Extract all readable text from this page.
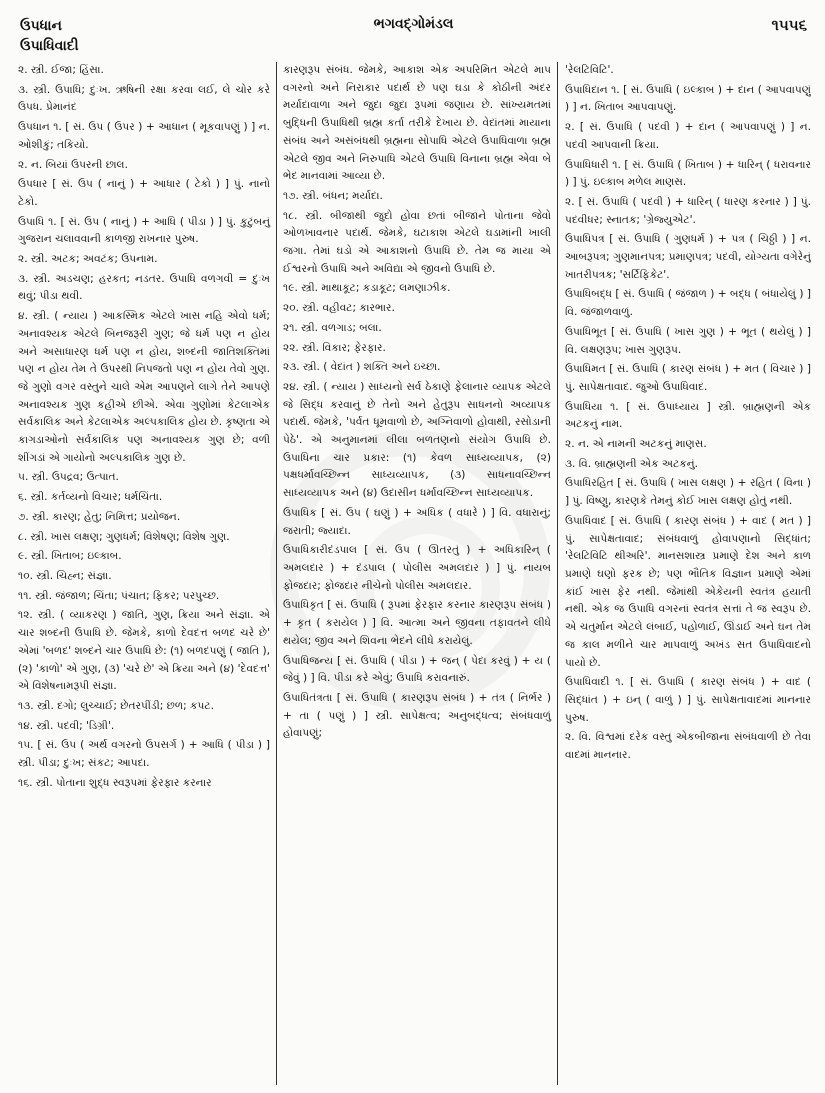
ઉપધાન
ઉપાધિવાદી
ભગવદ્ગોમંડલ	૧૫૫૬

૨. સ્ત્રી. ઈજા; હિંસા.

૩. સ્ત્રી. ઉપાધિ; દુઃખ. ઋષિની રક્ષા કરવા લઈ, લે ચોર કરે ઉપધ. પ્રેમાનંદ

ઉપધાન ૧. [ સં. ઉપ ( ઉપર ) + આધાન ( મૂકવાપણું ) ] ન. ઓશીકું; તકિયો.

૨. ન. બિયાં ઉપરની છાલ.

ઉપધાર [ સં. ઉપ ( નાનું ) + આધાર ( ટેકો ) ] પું. નાનો ટેકો.

ઉપાધિ ૧. [ સં. ઉપ ( નાનું ) + આધિ ( પીડા ) ] પું. કુટુંબનું ગુજરાન ચલાવવાની કાળજી રાખનાર પુરુષ.

૨. સ્ત્રી. અટક; અવટંક; ઉપનામ.

૩. સ્ત્રી. અડચણ; હરકત; નડતર. ઉપાધિ વળગવી = દુઃખ થવું; પીડા થવી.

૪. સ્ત્રી. ( ન્યાય ) આકસ્મિક એટલે ખાસ નહિ એવો ધર્મ; અનાવશ્યક એટલે બિનજરૂરી ગુણ; જે ધર્મ પણ ન હોય અને અસાધારણ ધર્મ પણ ન હોય, શબ્દની જાતિશક્તિમાં પણ ન હોય તેમ તે ઉપરથી નિપજતો પણ ન હોય તેવો ગુણ. જે ગુણો વગર વસ્તુને ચાલે એમ આપણને લાગે તેને આપણે અનાવશ્યક ગુણ કહીએ છીએ. એવા ગુણોમાં કેટલાએક સર્વકાલિક અને કેટલાએક અલ્પકાલિક હોય છે. કૃષ્ણતા એ કાગડાઓનો સર્વકાલિક પણ અનાવશ્યક ગુણ છે; વળી શીંગડાં એ ગાયોનો અલ્પકાલિક ગુણ છે.

૫. સ્ત્રી. ઉપદ્રવ; ઉત્પાત.

૬. સ્ત્રી. કર્તવ્યનો વિચાર; ધર્મચિંતા.

૭. સ્ત્રી. કારણ; હેતુ; નિમિત્ત; પ્રયોજન.

૮. સ્ત્રી. ખાસ લક્ષણ; ગુણધર્મ; વિશેષણ; વિશેષ ગુણ.

૯. સ્ત્રી. ખિતાબ; ઇલ્કાબ.

૧૦. સ્ત્રી. ચિહ્ન; સંજ્ઞા.

૧૧. સ્ત્રી. જંજાળ; ચિંતા; પંચાત; ફિકર; પરપુચ્છ.

૧૨. સ્ત્રી. ( વ્યાકરણ ) જાતિ, ગુણ, ક્રિયા અને સંજ્ઞા. એ ચાર શબ્દની ઉપાધિ છે. જેમકે, કાળો દેવદત્ત બળદ ચરે છે' એમાં 'બળદ' શબ્દને ચાર ઉપાધિ છે: (૧) બળદપણું ( જાતિ ), (૨) 'કાળો' એ ગુણ, (૩) 'ચરે છે' એ ક્રિયા અને (૪) 'દેવદત્ત' એ વિશેષનામરૂપી સંજ્ઞા.

૧૩. સ્ત્રી. દગો; લુચ્ચાઈ; છેતરપીંડી; છળ; કપટ.

૧૪. સ્ત્રી. પદવી; 'ડિગ્રી'.

૧૫. [ સં. ઉપ ( અર્થ વગરનો ઉપસર્ગ ) + આધિ ( પીડા ) ] સ્ત્રી. પીડા; દુઃખ; સંકટ; આપદા.

૧૬. સ્ત્રી. પોતાના શુદ્ધ સ્વરૂપમાં ફેરફાર કરનાર

કારણરૂપ સંબંધ. જેમકે, આકાશ એક અપરિમિત એટલે માપ વગરનો અને નિરાકાર પદાર્થ છે પણ ઘડા કે કોઠીની અંદર મર્યાદાવાળા અને જુદા જુદા રૂપમાં જણાય છે. સાંખ્યમતમાં બુદ્ધિની ઉપાધિથી બ્રહ્મ કર્તા તરીકે દેખાય છે. વેદાંતમાં માયાના સંબંધ અને અસંબંધથી બ્રહ્મના સોપાધિ એટલે ઉપાધિવાળા બ્રહ્મ એટલે જીવ અને નિરુપાધિ એટલે ઉપાધિ વિનાના બ્રહ્મ એવા બે ભેદ માનવામાં આવ્યા છે.

૧૭. સ્ત્રી. બંધન; મર્યાદા.

૧૮. સ્ત્રી. બીજાથી જુદો હોવા છતાં બીજાને પોતાના જેવો ઓળખાવનાર પદાર્થ. જેમકે, ઘટાકાશ એટલે ઘડામાંની ખાલી જગા. તેમાં ઘડો એ આકાશનો ઉપાધિ છે. તેમ જ માયા એ ઈશ્વરનો ઉપાધિ અને અવિદ્યા એ જીવનો ઉપાધિ છે.

૧૯. સ્ત્રી. માથાકૂટ; કડાકૂટ; લમણાઝીક.

૨૦. સ્ત્રી. વહીવટ; કારભાર.

૨૧. સ્ત્રી. વળગાડ; બલા.

૨૨. સ્ત્રી. વિકાર; ફેરફાર.

૨૩. સ્ત્રી. ( વેદાંત ) શક્તિ અને ઇચ્છા.

૨૪. સ્ત્રી. ( ન્યાય ) સાધ્યનો સર્વ ઠેકાણે ફેલાનાર વ્યાપક એટલે જે સિદ્ધ કરવાનું છે તેનો અને હેતુરૂપ સાધનનો અવ્યાપક પદાર્થ. જેમકે, 'પર્વત ધૂમવાળો છે, અગ્નિવાળો હોવાથી, રસોડાની પેઠે'. એ અનુમાનમાં લીલા બળતણનો સંયોગ ઉપાધિ છે. ઉપાધિના ચાર પ્રકાર: (૧) કેવળ સાધ્યવ્યાપક, (૨) પક્ષધર્માવચ્છિન્ન સાધ્યવ્યાપક, (૩) સાધનાવચ્છિન્ન સાધ્યવ્યાપક અને (૪) ઉદાસીન ધર્માવચ્છિન્ન સાધ્યવ્યાપક.

ઉપાધિક [ સં. ઉપ ( ઘણું ) + અધિક ( વધારે ) ] વિ. વધારાનું; જરાતી; જ્યાદા.

ઉપાધિકારીદંડપાલ [ સં. ઉપ ( ઊતરતું ) + અધિકારિન્ ( અમલદાર ) + દંડપાલ ( પોલીસ અમલદાર ) ] પું. નાયબ ફોજદાર; ફોજદાર નીચેનો પોલીસ અમલદાર.

ઉપાધિકૃત [ સં. ઉપાધિ ( રૂપમાં ફેરફાર કરનાર કારણરૂપ સંબંધ ) + કૃત ( કરાયેલ ) ] વિ. આત્મા અને જીવના તફાવતને લીધે થયેલ; જીવ અને શિવના ભેદને લીધે કરાયેલું.

ઉપાધિજન્ય [ સં. ઉપાધિ ( પીડા ) + જન્ ( પેદા કરવું ) + ય ( જેવું ) ] વિ. પીડા કરે એવું; ઉપાધિ કરાવનારું.

ઉપાધિતંત્રતા [ સં. ઉપાધિ ( કારણરૂપ સંબંધ ) + તંત્ર ( નિર્ભર ) + તા ( પણું ) ] સ્ત્રી. સાપેક્ષત્વ; અનુબદ્ધત્વ; સંબંધવાળું હોવાપણું;

'રેલટિવિટિ'.

ઉપાધિદાન ૧. [ સં. ઉપાધિ ( ઇલ્કાબ ) + દાન ( આપવાપણું ) ] ન. ખિતાબ આપવાપણું.

૨. [ સં. ઉપાધિ ( પદવી ) + દાન ( આપવાપણું ) ] ન. પદવી આપવાની ક્રિયા.

ઉપાધિધારી ૧. [ સં. ઉપાધિ ( ખિતાબ ) + ધારિન્ ( ધરાવનાર ) ] પું. ઇલ્કાબ મળેલ માણસ.

૨. [ સં. ઉપાધિ ( પદવી ) + ધારિન્ ( ધારણ કરનાર ) ] પું. પદવીધર; સ્નાતક; 'ગ્રેજ્યુએટ'.

ઉપાધિપત્ર [ સં. ઉપાધિ ( ગુણધર્મ ) + પત્ર ( ચિઠ્ઠી ) ] ન. આબરૂપત્ર; ગુણમાનપત્ર; પ્રમાણપત્ર; પદવી, યોગ્યતા વગેરેનું ખાતરીપત્રક; 'સર્ટિફિકેટ'.

ઉપાધિબદ્ધ [ સં. ઉપાધિ ( જંજાળ ) + બદ્ધ ( બંધાયેલું ) ] વિ. જંજાળવાળું.

ઉપાધિભૂત [ સં. ઉપાધિ ( ખાસ ગુણ ) + ભૂત ( થયેલું ) ] વિ. લક્ષણરૂપ; ખાસ ગુણરૂપ.

ઉપાધિમત [ સં. ઉપાધિ ( કારણ સંબંધ ) + મત ( વિચાર ) ] પું. સાપેક્ષતાવાદ. જુઓ ઉપાધિવાદ.

ઉપાધિયા ૧. [ સં. ઉપાધ્યાય ] સ્ત્રી. બ્રાહ્મણની એક અટકનું નામ.

૨. ન. એ નામની અટકનું માણસ.

૩. વિ. બ્રાહ્મણની એક અટકનું.

ઉપાધિરહિત [ સં. ઉપાધિ ( ખાસ લક્ષણ ) + રહિત ( વિના ) ] પું. વિષ્ણુ, કારણકે તેમનું કોઈ ખાસ લક્ષણ હોતું નથી.

ઉપાધિવાદ [ સં. ઉપાધિ ( કારણ સંબંધ ) + વાદ ( મત ) ] પું. સાપેક્ષતાવાદ; સંબંધવાળું હોવાપણાનો સિદ્ધાંત; 'રેલટિવિટિ થીઅરિ'. માનસશાસ્ત્ર પ્રમાણે દેશ અને કાળ પ્રમાણે ઘણો ફરક છે; પણ ભૌતિક વિજ્ઞાન પ્રમાણે એમાં કાંઈ ખાસ ફેર નથી. જેમાંથી એકેયની સ્વતંત્ર હયાતી નથી. એક જ ઉપાધિ વગરનાં સ્વતંત્ર સત્તાં તે જ સ્વરૂપ છે. એ ચતુર્માન એટલે લંબાઈ, પહોળાઈ, ઊંડાઈ અને ઘન તેમ જ કાલ મળીને ચાર માપવાળું અખંડ સત ઉપાધિવાદનો પાયો છે.

ઉપાધિવાદી ૧. [ સં. ઉપાધિ ( કારણ સંબંધ ) + વાદ ( સિદ્ધાંત ) + ઇન્ ( વાળું ) ] પું. સાપેક્ષતાવાદમાં માનનાર પુરુષ.

૨. વિ. વિશ્વમાં દરેક વસ્તુ એકબીજાના સંબંધવાળી છે તેવા વાદમાં માનનાર.
